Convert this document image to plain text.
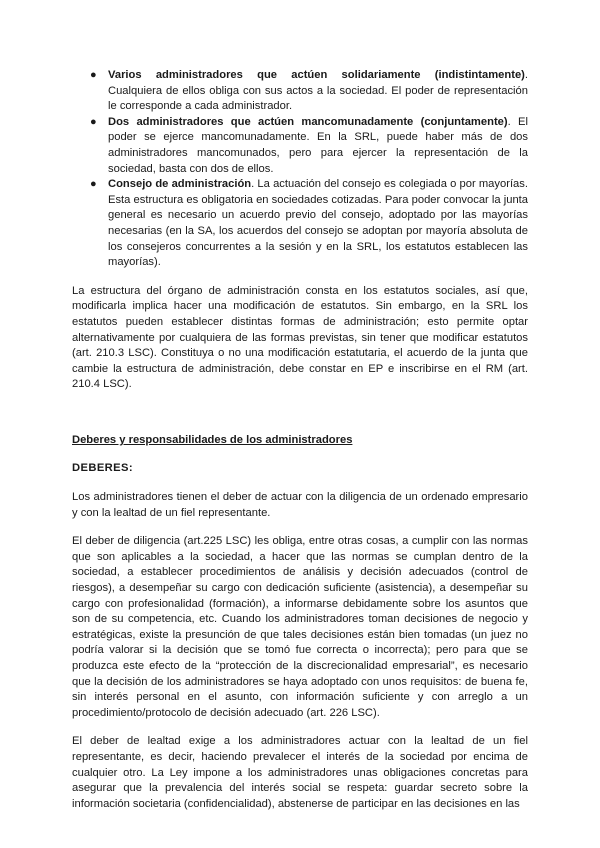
● Varios administradores que actúen solidariamente (indistintamente). Cualquiera de ellos obliga con sus actos a la sociedad. El poder de representación le corresponde a cada administrador.
● Dos administradores que actúen mancomunadamente (conjuntamente). El poder se ejerce mancomunadamente. En la SRL, puede haber más de dos administradores mancomunados, pero para ejercer la representación de la sociedad, basta con dos de ellos.
● Consejo de administración. La actuación del consejo es colegiada o por mayorías. Esta estructura es obligatoria en sociedades cotizadas. Para poder convocar la junta general es necesario un acuerdo previo del consejo, adoptado por las mayorías necesarias (en la SA, los acuerdos del consejo se adoptan por mayoría absoluta de los consejeros concurrentes a la sesión y en la SRL, los estatutos establecen las mayorías).

La estructura del órgano de administración consta en los estatutos sociales, así que, modificarla implica hacer una modificación de estatutos. Sin embargo, en la SRL los estatutos pueden establecer distintas formas de administración; esto permite optar alternativamente por cualquiera de las formas previstas, sin tener que modificar estatutos (art. 210.3 LSC). Constituya o no una modificación estatutaria, el acuerdo de la junta que cambie la estructura de administración, debe constar en EP e inscribirse en el RM (art. 210.4 LSC).

Deberes y responsabilidades de los administradores
DEBERES:

Los administradores tienen el deber de actuar con la diligencia de un ordenado empresario y con la lealtad de un fiel representante.

El deber de diligencia (art.225 LSC) les obliga, entre otras cosas, a cumplir con las normas que son aplicables a la sociedad, a hacer que las normas se cumplan dentro de la sociedad, a establecer procedimientos de análisis y decisión adecuados (control de riesgos), a desempeñar su cargo con dedicación suficiente (asistencia), a desempeñar su cargo con profesionalidad (formación), a informarse debidamente sobre los asuntos que son de su competencia, etc. Cuando los administradores toman decisiones de negocio y estratégicas, existe la presunción de que tales decisiones están bien tomadas (un juez no podría valorar si la decisión que se tomó fue correcta o incorrecta); pero para que se produzca este efecto de la “protección de la discrecionalidad empresarial”, es necesario que la decisión de los administradores se haya adoptado con unos requisitos: de buena fe, sin interés personal en el asunto, con información suficiente y con arreglo a un procedimiento/protocolo de decisión adecuado (art. 226 LSC).

El deber de lealtad exige a los administradores actuar con la lealtad de un fiel representante, es decir, haciendo prevalecer el interés de la sociedad por encima de cualquier otro. La Ley impone a los administradores unas obligaciones concretas para asegurar que la prevalencia del interés social se respeta: guardar secreto sobre la información societaria (confidencialidad), abstenerse de participar en las decisiones en las
